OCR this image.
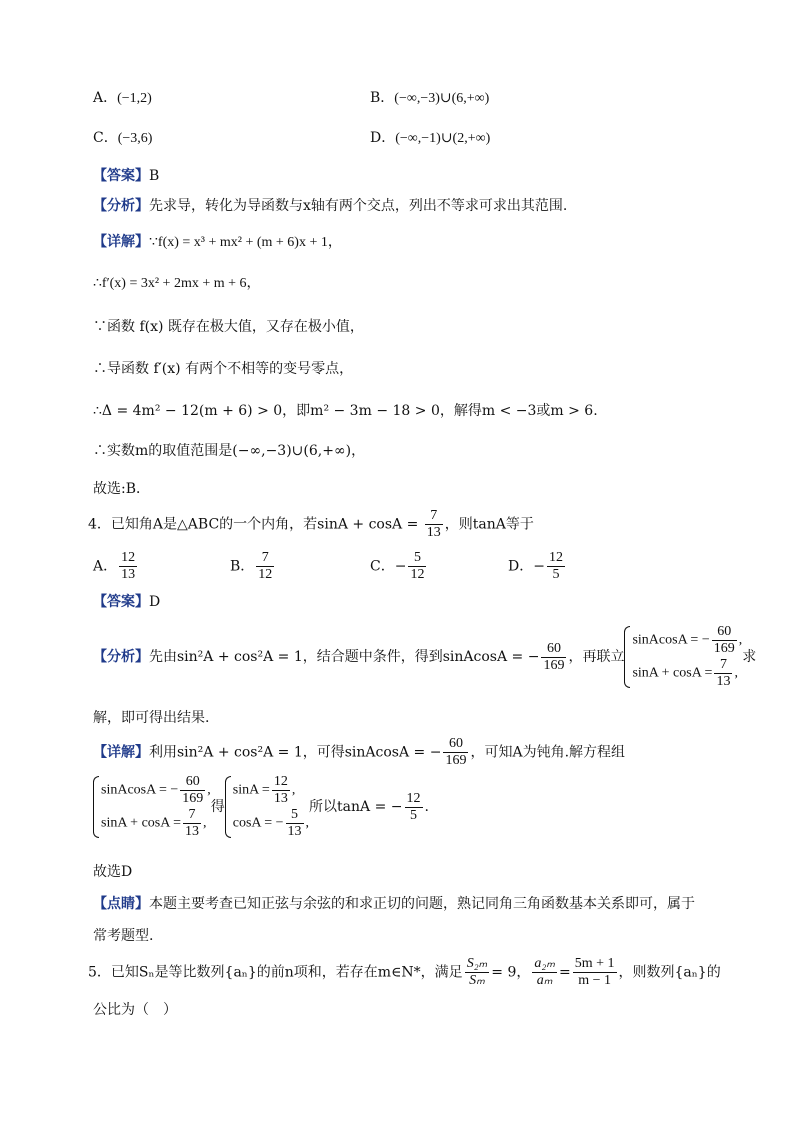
A．(−1,2)	B．(−∞,−3)∪(6,+∞)
C．(−3,6)	D．(−∞,−1)∪(2,+∞)
【答案】B
【分析】先求导，转化为导函数与x轴有两个交点，列出不等求可求出其范围.
【详解】∵f(x) = x³ + mx² + (m + 6)x + 1，
∴f′(x) = 3x² + 2mx + m + 6，
∵函数 f(x) 既存在极大值，又存在极小值，
∴导函数 f′(x) 有两个不相等的变号零点，
∴Δ = 4m² − 12(m + 6) > 0，即m² − 3m − 18 > 0，解得m < −3或m > 6.
∴实数m的取值范围是(−∞,−3)∪(6,+∞)，
故选:B．
4．已知角A是△ABC的一个内角，若$\sin A + \cos A = \frac{7}{13}$ ，则tanA等于
A． $\frac{12}{13}$	B． $\frac{7}{12}$	C．− $\frac{5}{12}$	D．− $\frac{12}{5}$
【答案】D
【分析】先由sin²A + cos²A = 1，结合题中条件，得到sinAcosA = − $\frac{60}{169}$ ，再联立
sinAcosA = − $\frac{60}{169}$ ,
$\sin A + \cos A = \frac{7}{13}$ ,
求
解，即可得出结果.
【详解】利用sin²A + cos²A = 1，可得sinAcosA = − $\frac{60}{169}$ ，可知A为钝角.解方程组
sinAcosA = − $\frac{60}{169}$ ,
$\sin A + \cos A = \frac{7}{13}$ ,
得
$\sin A = \frac{12}{13}$ ,
cosA = − $\frac{5}{13}$ ,
所以tanA = − $\frac{12}{5}$ .
故选D
【点睛】本题主要考查已知正弦与余弦的和求正切的问题，熟记同角三角函数基本关系即可，属于
常考题型.
5．已知Sₙ是等比数列{aₙ}的前n项和，若存在m∈N*，满足 $\frac{\text{S₂ₘ}}{\text{Sₘ}} = 9$， $\frac{\text{a₂ₘ}}{\text{aₘ}} = \frac{5m + 1}{m - 1}$ ，则数列{aₙ}的
公比为（　）
